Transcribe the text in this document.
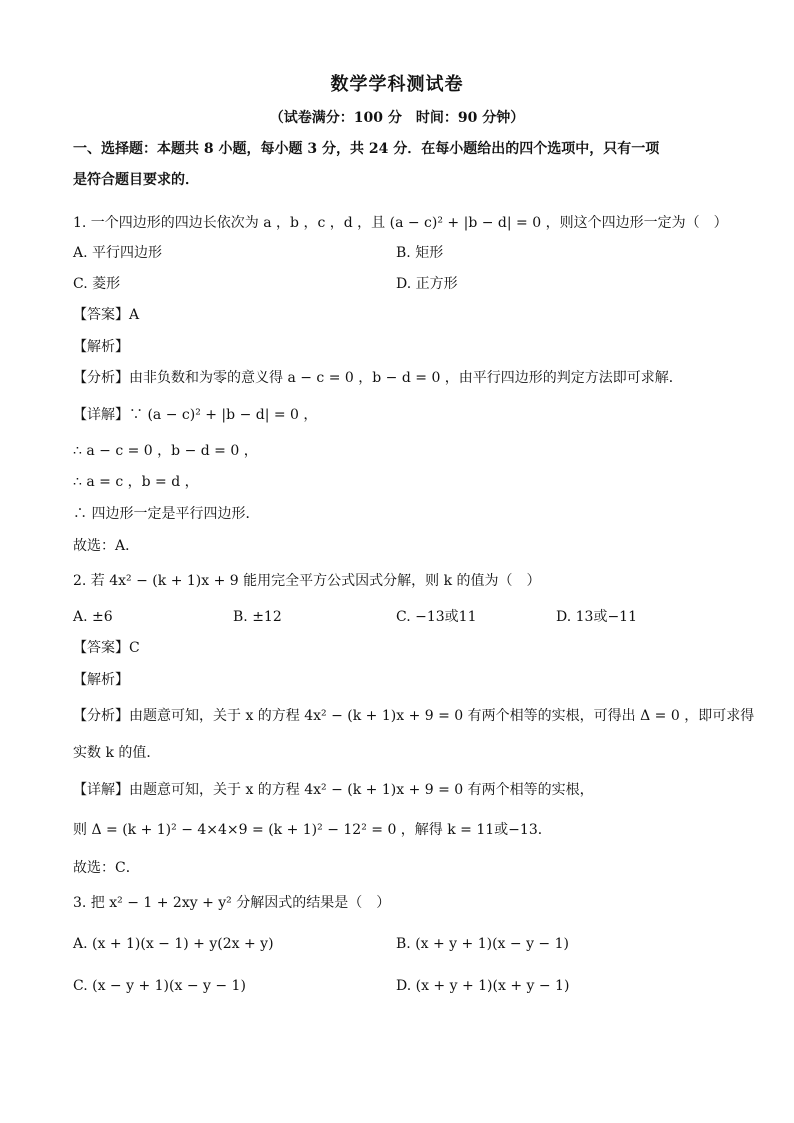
数学学科测试卷
（试卷满分：100 分　时间：90 分钟）
一、选择题：本题共 8 小题，每小题 3 分，共 24 分．在每小题给出的四个选项中，只有一项
是符合题目要求的．
1. 一个四边形的四边长依次为 a ，b ，c ，d ，且 (a − c)² + |b − d| = 0 ，则这个四边形一定为（　）
A. 平行四边形	B. 矩形
C. 菱形	D. 正方形
【答案】A
【解析】
【分析】由非负数和为零的意义得 a − c = 0 ，b − d = 0 ，由平行四边形的判定方法即可求解．
【详解】∵ (a − c)² + |b − d| = 0 ，
∴ a − c = 0 ，b − d = 0 ，
∴ a = c ，b = d ，
∴ 四边形一定是平行四边形．
故选：A．
2. 若 4x² − (k + 1)x + 9 能用完全平方公式因式分解，则 k 的值为（　）
A. ±6	B. ±12	C. −13或11	D. 13或−11
【答案】C
【解析】
【分析】由题意可知，关于 x 的方程 4x² − (k + 1)x + 9 = 0 有两个相等的实根，可得出 Δ = 0 ，即可求得
实数 k 的值．
【详解】由题意可知，关于 x 的方程 4x² − (k + 1)x + 9 = 0 有两个相等的实根，
则 Δ = (k + 1)² − 4×4×9 = (k + 1)² − 12² = 0 ，解得 k = 11或−13．
故选：C．
3. 把 x² − 1 + 2xy + y² 分解因式的结果是（　）
A. (x + 1)(x − 1) + y(2x + y)	B. (x + y + 1)(x − y − 1)
C. (x − y + 1)(x − y − 1)	D. (x + y + 1)(x + y − 1)
